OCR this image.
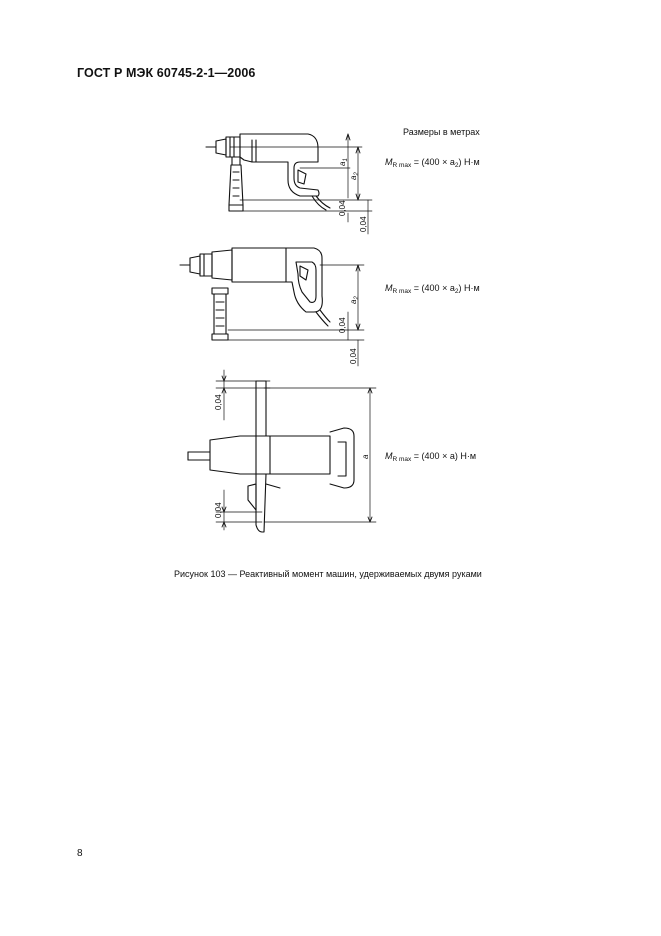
ГОСТ Р МЭК 60745-2-1—2006
Размеры в метрах
$M_{R max} = (400 \times a_2)$ Н·м
$M_{R max} = (400 \times a_2)$ Н·м
$M_{R max} = (400 \times a)$ Н·м
$a_1$
$a_2$
0,04
0,04
$a_2$
0,04
0,04
0,04
0,04
a
Рисунок 103 — Реактивный момент машин, удерживаемых двумя руками
8
